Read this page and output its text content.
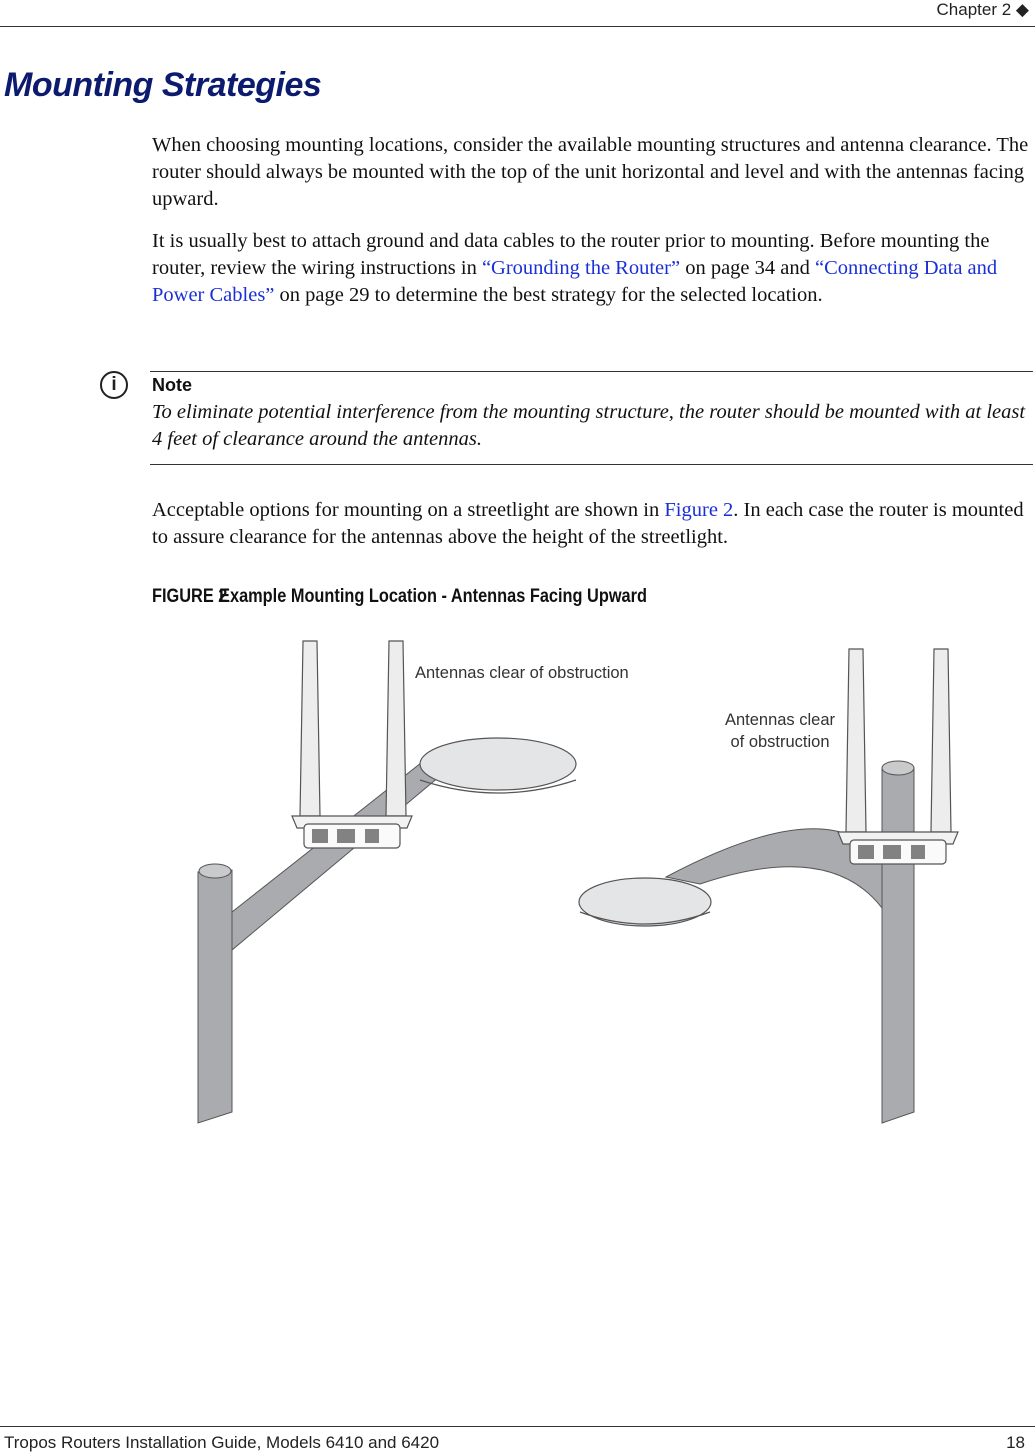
Chapter 2 ◆
Mounting Strategies

When choosing mounting locations, consider the available mounting structures and antenna clearance. The router should always be mounted with the top of the unit horizontal and level and with the antennas facing upward.

It is usually best to attach ground and data cables to the router prior to mounting. Before mounting the router, review the wiring instructions in “Grounding the Router” on page 34 and “Connecting Data and Power Cables” on page 29 to determine the best strategy for the selected location.

i	Note

To eliminate potential interference from the mounting structure, the router should be mounted with at least 4 feet of clearance around the antennas.

Acceptable options for mounting on a streetlight are shown in Figure 2. In each case the router is mounted to assure clearance for the antennas above the height of the streetlight.

FIGURE 2Example Mounting Location - Antennas Facing Upward
Antennas clear of obstruction
Antennas clear
of obstruction
Tropos Routers Installation Guide, Models 6410 and 6420	18
